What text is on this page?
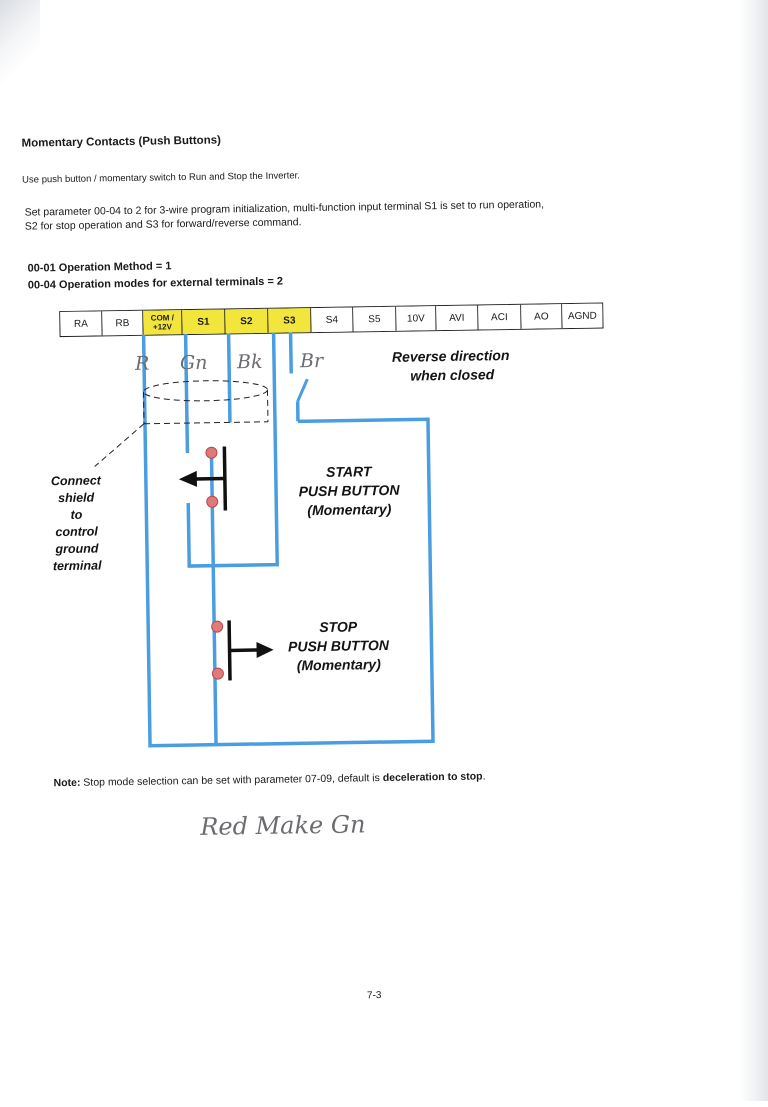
Momentary Contacts (Push Buttons)
Use push button / momentary switch to Run and Stop the Inverter.
Set parameter 00-04 to 2 for 3-wire program initialization, multi-function input terminal S1 is set to run operation,
S2 for stop operation and S3 for forward/reverse command.
00-01 Operation Method = 1
00-04 Operation modes for external terminals = 2
RA	RB	COM /
+12V	S1	S2	S3	S4	S5	10V	AVI	ACI	AO	AGND
R Gn Bk Br	Reverse direction
when closed
Connect
shield
to
control
ground
terminal
START
PUSH BUTTON
(Momentary)
STOP
PUSH BUTTON
(Momentary)
Red Make Gn
Note: Stop mode selection can be set with parameter 07-09, default is deceleration to stop.
7-3
